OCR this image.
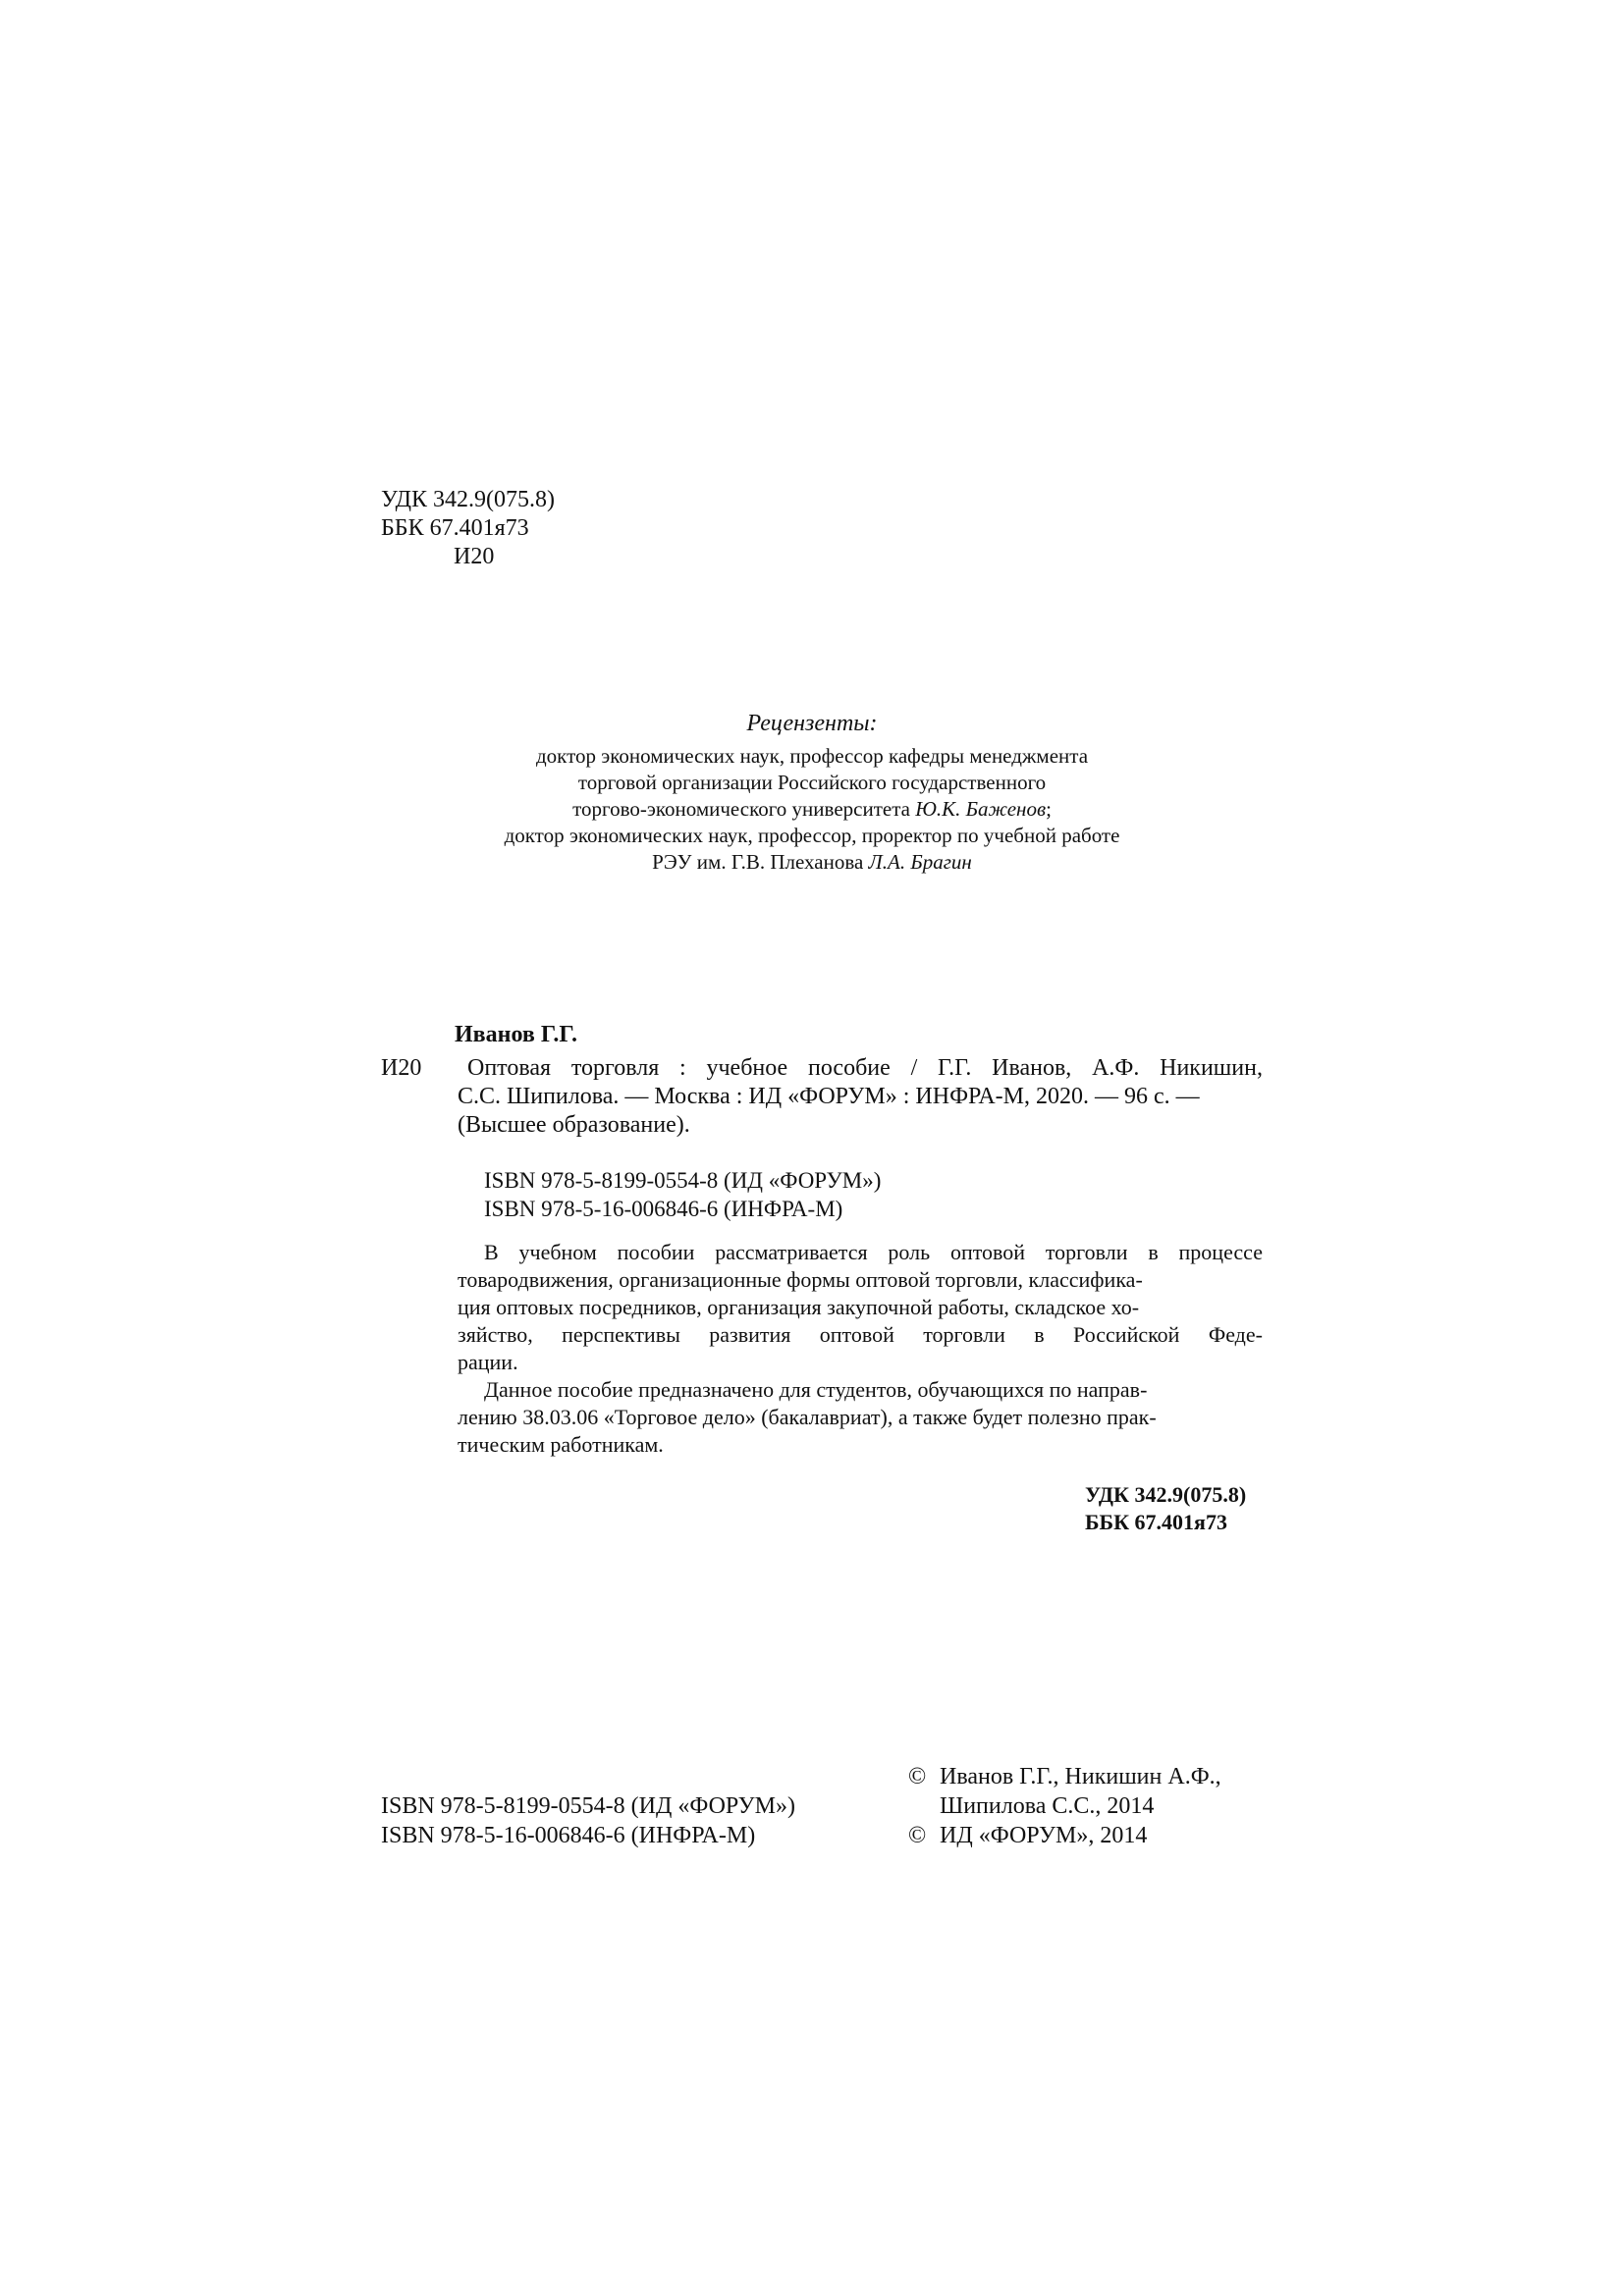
УДК 342.9(075.8)
ББК 67.401я73
И20
Рецензенты:
доктор экономических наук, профессор кафедры менеджмента
торговой организации Российского государственного
торгово-экономического университета Ю.К. Баженов;
доктор экономических наук, профессор, проректор по учебной работе
РЭУ им. Г.В. Плеханова Л.А. Брагин
Иванов Г.Г.
И20 Оптовая торговля : учебное пособие / Г.Г. Иванов, А.Ф. Никишин,
С.С. Шипилова. — Москва : ИД «ФОРУМ» : ИНФРА-М, 2020. — 96 с. —
(Высшее образование).
ISBN 978-5-8199-0554-8 (ИД «ФОРУМ»)
ISBN 978-5-16-006846-6 (ИНФРА-М)
В учебном пособии рассматривается роль оптовой торговли в процессе
товародвижения, организационные формы оптовой торговли, классифика-
ция оптовых посредников, организация закупочной работы, складское хо-
зяйство, перспективы развития оптовой торговли в Российской Феде-
рации.
Данное пособие предназначено для студентов, обучающихся по направ-
лению 38.03.06 «Торговое дело» (бакалавриат), а также будет полезно прак-
тическим работникам.
УДК 342.9(075.8)
ББК 67.401я73
ISBN 978-5-8199-0554-8 (ИД «ФОРУМ»)
ISBN 978-5-16-006846-6 (ИНФРА-М)
© Иванов Г.Г., Никишин А.Ф.,
Шипилова С.С., 2014
© ИД «ФОРУМ», 2014
